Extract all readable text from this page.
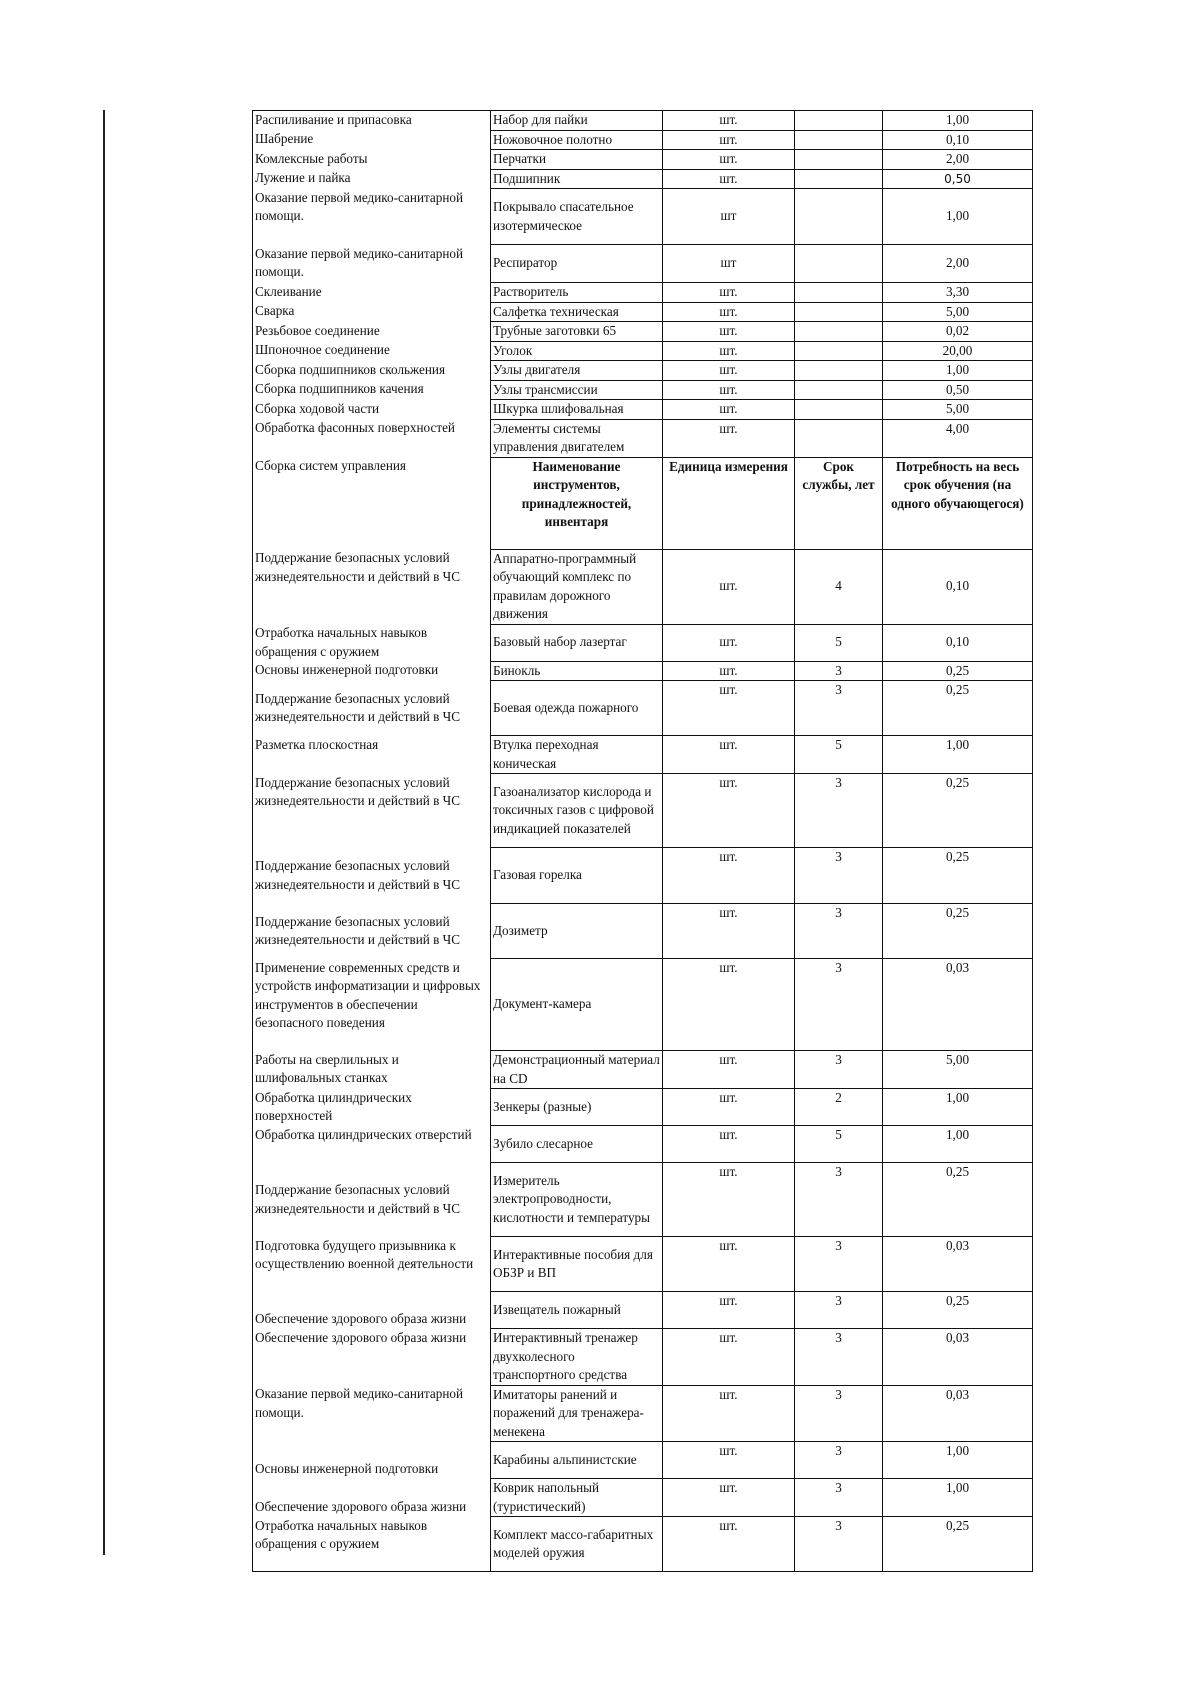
Распиливание и припасовка	Набор для пайки	шт.		1,00
Шабрение	Ножовочное полотно	шт.		0,10
Комлексные работы	Перчатки	шт.		2,00
Лужение и пайка	Подшипник	шт.		0,50
Оказание первой медико-санитарной помощи.	Покрывало спасательное изотермическое	шт		1,00
Оказание первой медико-санитарной помощи.	Респиратор	шт		2,00
Склеивание	Растворитель	шт.		3,30
Сварка	Салфетка техническая	шт.		5,00
Резьбовое соединение	Трубные заготовки 65	шт.		0,02
Шпоночное соединение	Уголок	шт.		20,00
Сборка подшипников скольжения	Узлы двигателя	шт.		1,00
Сборка подшипников качения	Узлы трансмиссии	шт.		0,50
Сборка ходовой части	Шкурка шлифовальная	шт.		5,00
Обработка фасонных поверхностей	Элементы системы управления двигателем	шт.		4,00
Сборка систем управления	Наименование инструментов, принадлежностей, инвентаря	Единица измерения	Срок службы, лет	Потребность на весь срок обучения (на одного обучающегося)
Поддержание безопасных условий жизнедеятельности и действий в ЧС	Аппаратно-программный обучающий комплекс по правилам дорожного движения	шт.	4	0,10
Отработка начальных навыков обращения с оружием	Базовый набор лазертаг	шт.	5	0,10
Основы инженерной подготовки	Бинокль	шт.	3	0,25
Поддержание безопасных условий жизнедеятельности и действий в ЧС	Боевая одежда пожарного	шт.	3	0,25
Разметка плоскостная	Втулка переходная коническая	шт.	5	1,00
Поддержание безопасных условий жизнедеятельности и действий в ЧС	Газоанализатор кислорода и токсичных газов с цифровой индикацией показателей	шт.	3	0,25
Поддержание безопасных условий жизнедеятельности и действий в ЧС	Газовая горелка	шт.	3	0,25
Поддержание безопасных условий жизнедеятельности и действий в ЧС	Дозиметр	шт.	3	0,25
Применение современных средств и устройств информатизации и цифровых инструментов в обеспечении безопасного поведения	Документ-камера	шт.	3	0,03
Работы на сверлильных и шлифовальных станках	Демонстрационный материал на CD	шт.	3	5,00
Обработка цилиндрических поверхностей	Зенкеры (разные)	шт.	2	1,00
Обработка цилиндрических отверстий	Зубило слесарное	шт.	5	1,00
Поддержание безопасных условий жизнедеятельности и действий в ЧС	Измеритель электропроводности, кислотности и температуры	шт.	3	0,25
Подготовка будущего призывника к осуществлению военной деятельности	Интерактивные пособия для ОБЗР и ВП	шт.	3	0,03
Обеспечение здорового образа жизни	Извещатель пожарный	шт.	3	0,25
Обеспечение здорового образа жизни	Интерактивный тренажер двухколесного транспортного средства	шт.	3	0,03
Оказание первой медико-санитарной помощи.	Имитаторы ранений и поражений для тренажера-менекена	шт.	3	0,03
Основы инженерной подготовки	Карабины альпинистские	шт.	3	1,00
Обеспечение здорового образа жизни	Коврик напольный (туристический)	шт.	3	1,00
Отработка начальных навыков обращения с оружием	Комплект массо-габаритных моделей оружия	шт.	3	0,25
